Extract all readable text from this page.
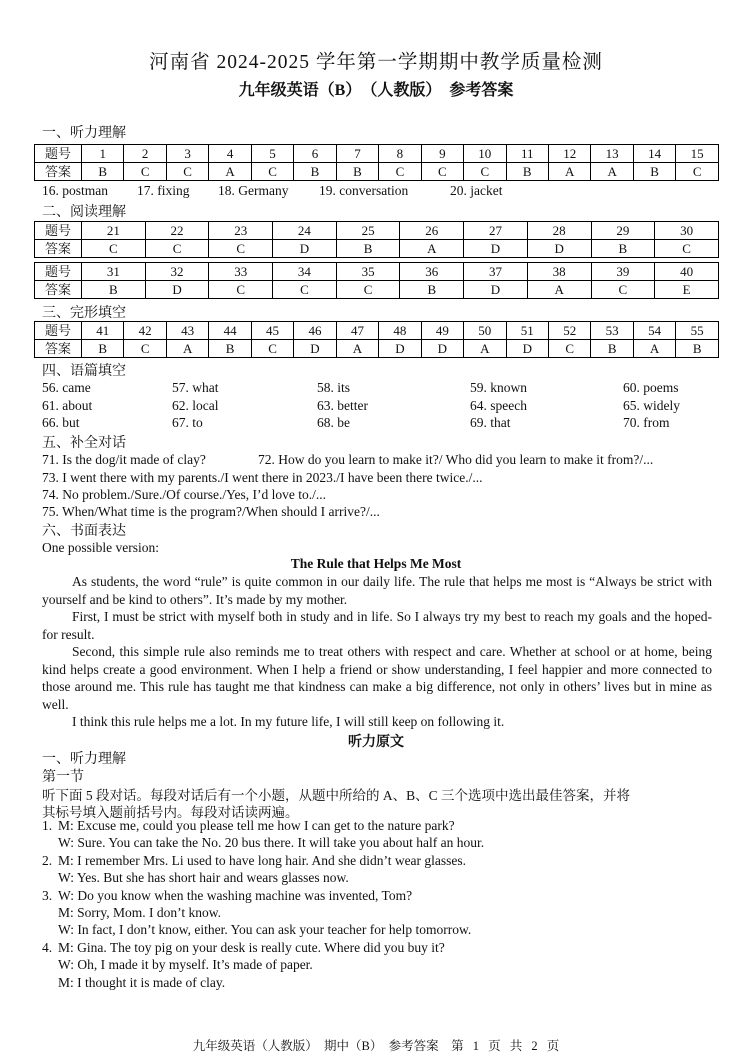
河南省 2024-2025 学年第一学期期中教学质量检测
九年级英语（B）　（人教版）　参考答案
一、听力理解
题号	1	2	3	4	5	6	7	8	9	10	11	12	13	14	15
答案	B	C	C	A	C	B	B	C	C	C	B	A	A	B	C
16. postman 17. fixing 18. Germany 19. conversation	20. jacket
二、阅读理解
题号	21	22	23	24	25	26	27	28	29	30
答案	C	C	C	D	B	A	D	D	B	C
题号	31	32	33	34	35	36	37	38	39	40
答案	B	D	C	C	C	B	D	A	C	E
三、完形填空
题号	41	42	43	44	45	46	47	48	49	50	51	52	53	54	55
答案	B	C	A	B	C	D	A	D	D	A	D	C	B	A	B
四、语篇填空
56. came	57. what	58. its	59. known	60. poems
61. about	62. local	63. better	64. speech	65. widely
66. but	67. to	68. be	69. that	70. from
五、补全对话
71. Is the dog/it made of clay?	72. How do you learn to make it?/ Who did you learn to make it from?/...
73. I went there with my parents./I went there in 2023./I have been there twice./...
74. No problem./Sure./Of course./Yes, I’d love to./...
75. When/What time is the program?/When should I arrive?/...
六、书面表达
One possible version:
The Rule that Helps Me Most
As students, the word “rule” is quite common in our daily life. The rule that helps me most is “Always be strict with yourself and be kind to others”. It’s made by my mother.
First, I must be strict with myself both in study and in life. So I always try my best to reach my goals and the hoped-for result.
Second, this simple rule also reminds me to treat others with respect and care. Whether at school or at home, being kind helps create a good environment. When I help a friend or show understanding, I feel happier and more connected to those around me. This rule has taught me that kindness can make a big difference, not only in others’ lives but in mine as well.
I think this rule helps me a lot. In my future life, I will still keep on following it.
听力原文
一、听力理解
第一节
听下面 5 段对话。每段对话后有一个小题，从题中所给的 A、B、C 三个选项中选出最佳答案，并将
其标号填入题前括号内。每段对话读两遍。
1. M: Excuse me, could you please tell me how I can get to the nature park?
W: Sure. You can take the No. 20 bus there. It will take you about half an hour.
2. M: I remember Mrs. Li used to have long hair. And she didn’t wear glasses.
W: Yes. But she has short hair and wears glasses now.
3. W: Do you know when the washing machine was invented, Tom?
M: Sorry, Mom. I don’t know.
W: In fact, I don’t know, either. You can ask your teacher for help tomorrow.
4. M: Gina. The toy pig on your desk is really cute. Where did you buy it?
W: Oh, I made it by myself. It’s made of paper.
M: I thought it is made of clay.
九年级英语（人教版）　期中（B）　参考答案　第 1 页 共 2 页
